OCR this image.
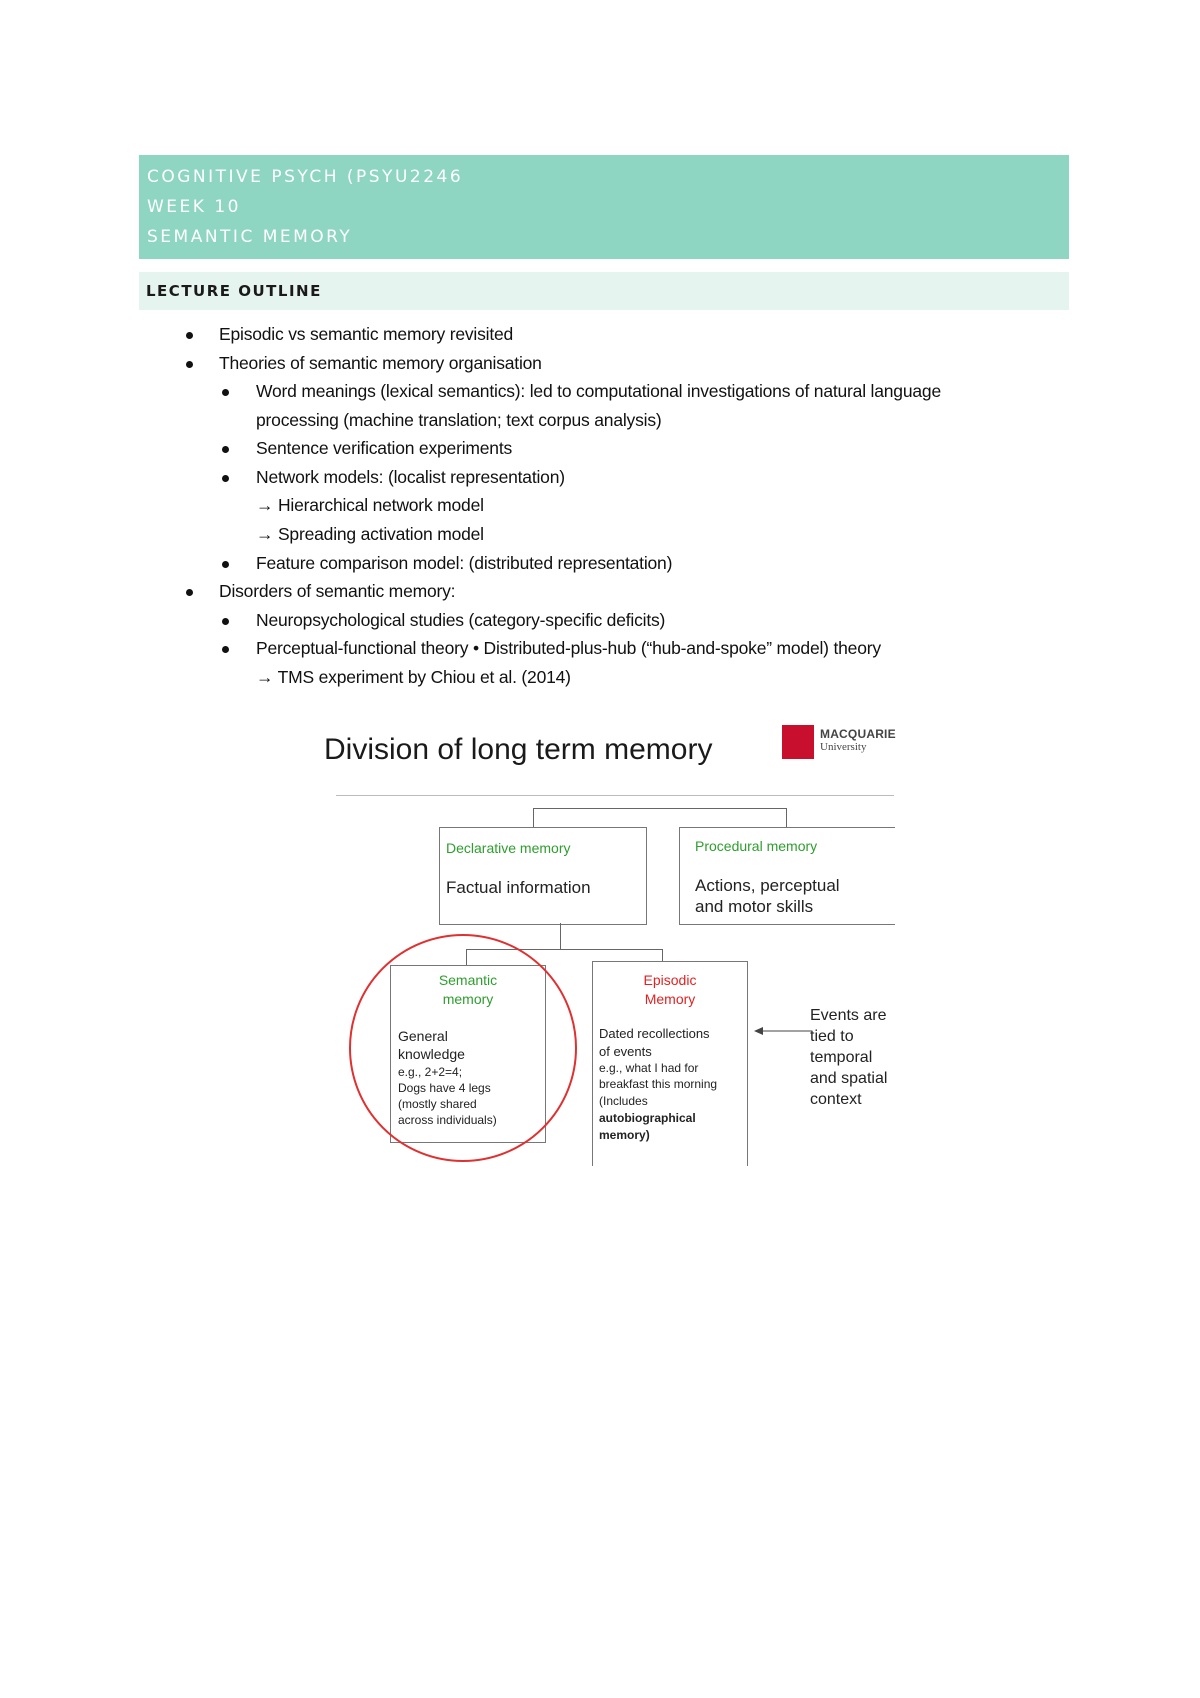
COGNITIVE PSYCH (PSYU2246
WEEK 10
SEMANTIC MEMORY
LECTURE OUTLINE
Episodic vs semantic memory revisited
Theories of semantic memory organisation
Word meanings (lexical semantics): led to computational investigations of natural language
processing (machine translation; text corpus analysis)
Sentence verification experiments
Network models: (localist representation)
→ Hierarchical network model
→ Spreading activation model
Feature comparison model: (distributed representation)
Disorders of semantic memory:
Neuropsychological studies (category-specific deficits)
Perceptual-functional theory • Distributed-plus-hub (“hub-and-spoke” model) theory
→ TMS experiment by Chiou et al. (2014)
Division of long term memory	MACQUARIE
University
Declarative memory
Factual information
Procedural memory
Actions, perceptual
and motor skills
Semantic
memory
General
knowledge
e.g., 2+2=4;
Dogs have 4 legs
(mostly shared
across individuals)
Episodic
Memory
Dated recollections
of events
e.g., what I had for
breakfast this morning
(Includes
autobiographical
memory)
Events are
tied to
temporal
and spatial
context
